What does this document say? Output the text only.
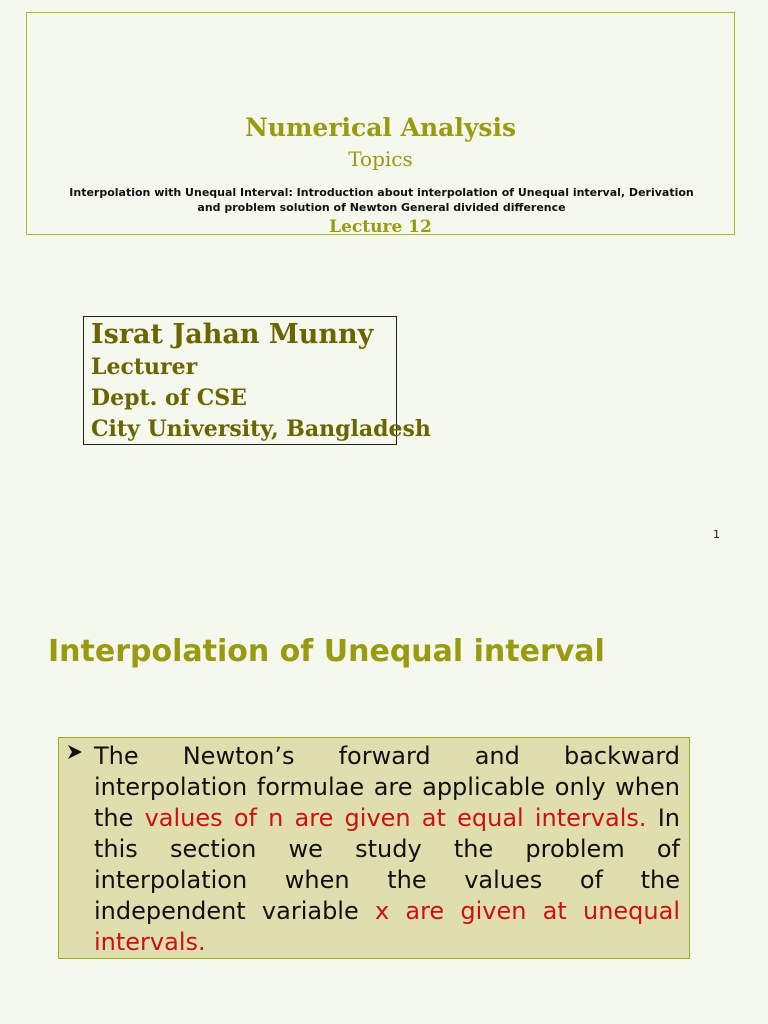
Numerical Analysis
Topics
Interpolation with Unequal Interval: Introduction about interpolation of Unequal interval, Derivation and problem solution of Newton General divided difference
Lecture 12
Israt Jahan Munny
Lecturer
Dept. of CSE
City University, Bangladesh
1
Interpolation of Unequal interval
The Newton’s forward and backward interpolation formulae are applicable only when the values of n are given at equal intervals. In this section we study the problem of interpolation when the values of the independent variable x are given at unequal intervals.
